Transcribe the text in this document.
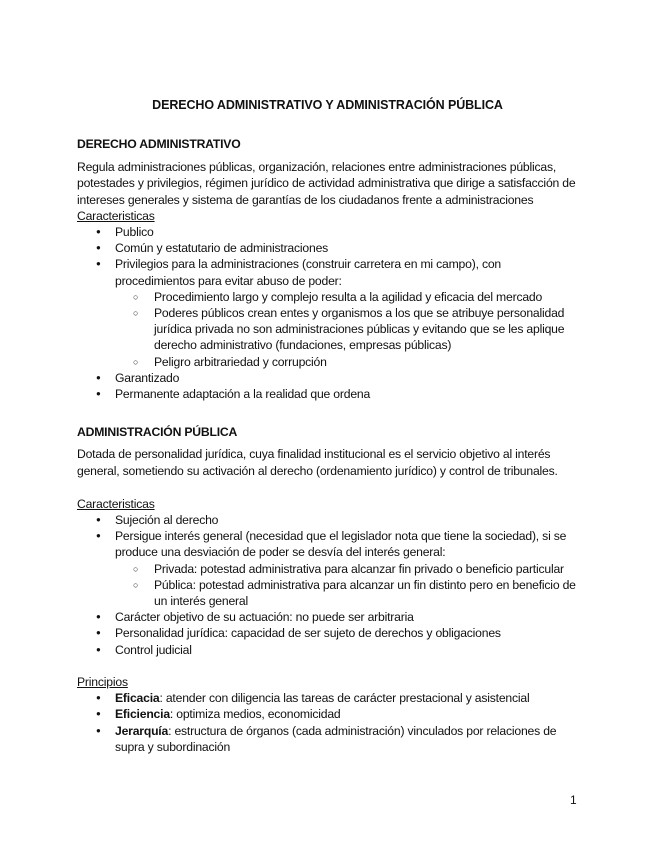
DERECHO ADMINISTRATIVO Y ADMINISTRACIÓN PÚBLICA

DERECHO ADMINISTRATIVO

Regula administraciones públicas, organización, relaciones entre administraciones públicas, potestades y privilegios, régimen jurídico de actividad administrativa que dirige a satisfacción de intereses generales y sistema de garantías de los ciudadanos frente a administraciones

Caracteristicas

● Publico
● Común y estatutario de administraciones
● Privilegios para la administraciones (construir carretera en mi campo), con procedimientos para evitar abuso de poder:
○ Procedimiento largo y complejo resulta a la agilidad y eficacia del mercado
○ Poderes públicos crean entes y organismos a los que se atribuye personalidad jurídica privada no son administraciones públicas y evitando que se les aplique derecho administrativo (fundaciones, empresas públicas)
○ Peligro arbitrariedad y corrupción
● Garantizado
● Permanente adaptación a la realidad que ordena

ADMINISTRACIÓN PÚBLICA

Dotada de personalidad jurídica, cuya finalidad institucional es el servicio objetivo al interés general, sometiendo su activación al derecho (ordenamiento jurídico) y control de tribunales.

Caracteristicas

● Sujeción al derecho
● Persigue interés general (necesidad que el legislador nota que tiene la sociedad), si se produce una desviación de poder se desvía del interés general:
○ Privada: potestad administrativa para alcanzar fin privado o beneficio particular
○ Pública: potestad administrativa para alcanzar un fin distinto pero en beneficio de un interés general
● Carácter objetivo de su actuación: no puede ser arbitraria
● Personalidad jurídica: capacidad de ser sujeto de derechos y obligaciones
● Control judicial

Principios

● Eficacia: atender con diligencia las tareas de carácter prestacional y asistencial
● Eficiencia: optimiza medios, economicidad
● Jerarquía: estructura de órganos (cada administración) vinculados por relaciones de supra y subordinación
1
